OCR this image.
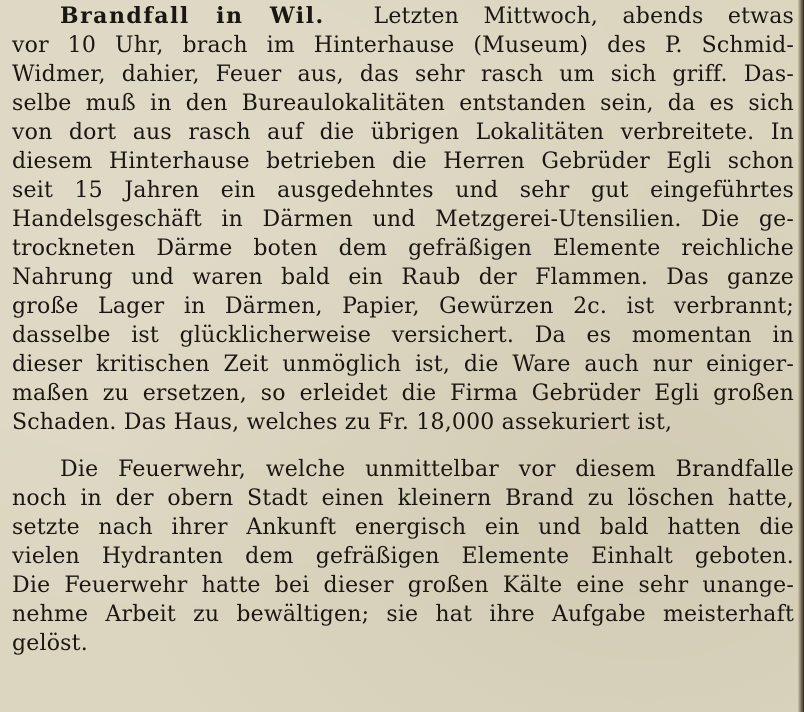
Brandfall in Wil. Letzten Mittwoch, abends etwas
vor 10 Uhr, brach im Hinterhause (Museum) des P. Schmid-
Widmer, dahier, Feuer aus, das sehr rasch um sich griff. Das-
selbe muß in den Bureaulokalitäten entstanden sein, da es sich
von dort aus rasch auf die übrigen Lokalitäten verbreitete. In
diesem Hinterhause betrieben die Herren Gebrüder Egli schon
seit 15 Jahren ein ausgedehntes und sehr gut eingeführtes
Handelsgeschäft in Därmen und Metzgerei-Utensilien. Die ge-
trockneten Därme boten dem gefräßigen Elemente reichliche
Nahrung und waren bald ein Raub der Flammen. Das ganze
große Lager in Därmen, Papier, Gewürzen 2c. ist verbrannt;
dasselbe ist glücklicherweise versichert. Da es momentan in
dieser kritischen Zeit unmöglich ist, die Ware auch nur einiger-
maßen zu ersetzen, so erleidet die Firma Gebrüder Egli großen
Schaden. Das Haus, welches zu Fr. 18,000 assekuriert ist,
Die Feuerwehr, welche unmittelbar vor diesem Brandfalle
noch in der obern Stadt einen kleinern Brand zu löschen hatte,
setzte nach ihrer Ankunft energisch ein und bald hatten die
vielen Hydranten dem gefräßigen Elemente Einhalt geboten.
Die Feuerwehr hatte bei dieser großen Kälte eine sehr unange-
nehme Arbeit zu bewältigen; sie hat ihre Aufgabe meisterhaft
gelöst.
